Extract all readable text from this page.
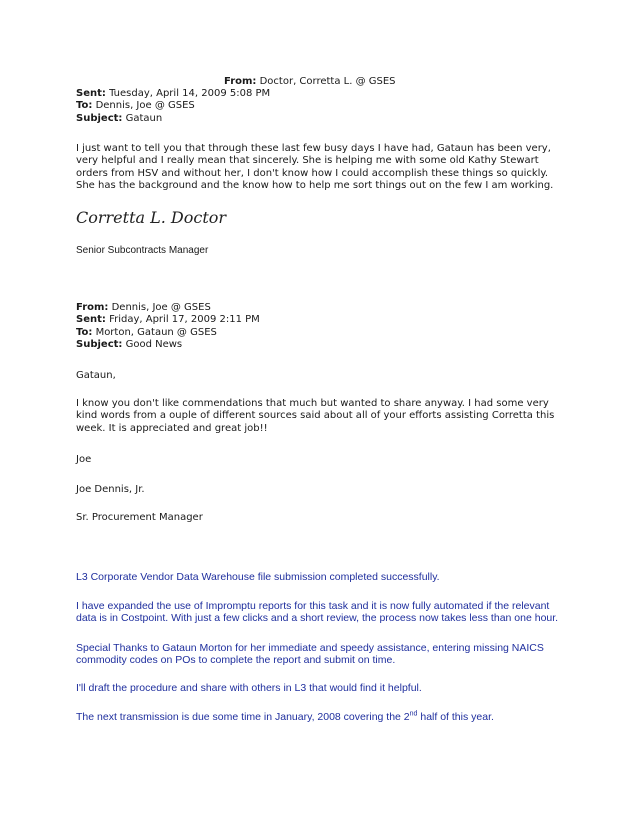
From: Doctor, Corretta L. @ GSES
Sent: Tuesday, April 14, 2009 5:08 PM
To: Dennis, Joe @ GSES
Subject: Gataun
I just want to tell you that through these last few busy days I have had, Gataun has been very, very helpful and I really mean that sincerely. She is helping me with some old Kathy Stewart orders from HSV and without her, I don't know how I could accomplish these things so quickly. She has the background and the know how to help me sort things out on the few I am working.
Corretta L. Doctor
Senior Subcontracts Manager
From: Dennis, Joe @ GSES
Sent: Friday, April 17, 2009 2:11 PM
To: Morton, Gataun @ GSES
Subject: Good News
Gataun,
I know you don't like commendations that much but wanted to share anyway. I had some very kind words from a ouple of different sources said about all of your efforts assisting Corretta this week. It is appreciated and great job!!
Joe
Joe Dennis, Jr.
Sr. Procurement Manager
L3 Corporate Vendor Data Warehouse file submission completed successfully.
I have expanded the use of Impromptu reports for this task and it is now fully automated if the relevant data is in Costpoint. With just a few clicks and a short review, the process now takes less than one hour.
Special Thanks to Gataun Morton for her immediate and speedy assistance, entering missing NAICS commodity codes on POs to complete the report and submit on time.
I'll draft the procedure and share with others in L3 that would find it helpful.
The next transmission is due some time in January, 2008 covering the 2nd half of this year.
